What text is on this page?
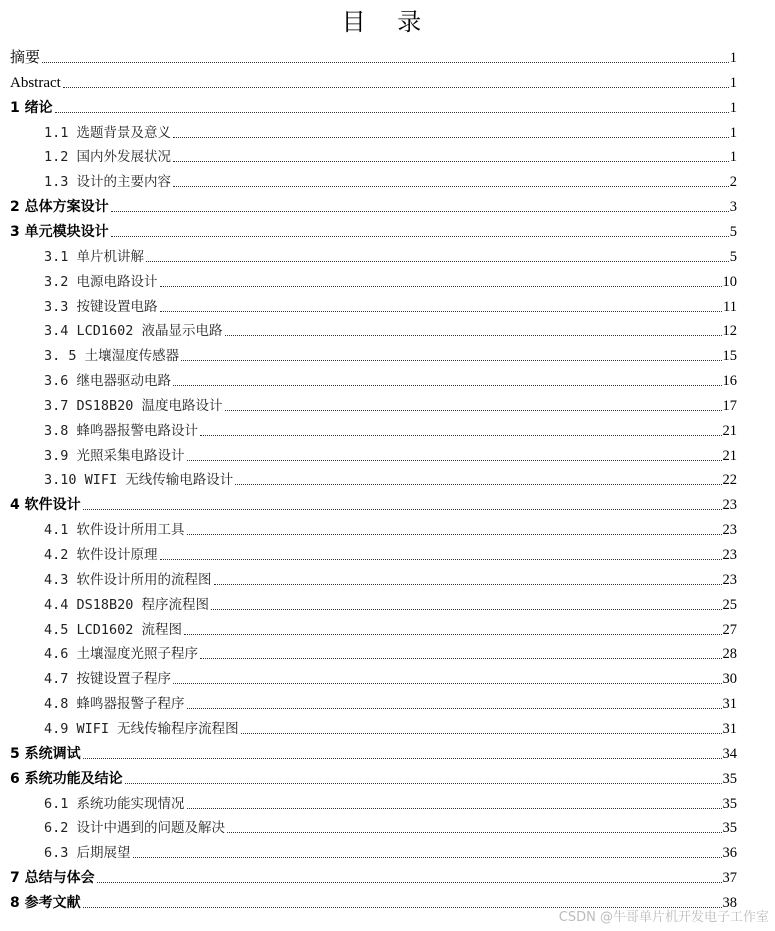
目 录
摘要	1
Abstract	1
1 绪论	1
1.1 选题背景及意义	1
1.2 国内外发展状况	1
1.3 设计的主要内容	2
2 总体方案设计	3
3 单元模块设计	5
3.1 单片机讲解	5
3.2 电源电路设计	10
3.3 按键设置电路	11
3.4 LCD1602 液晶显示电路	12
3. 5 土壤湿度传感器	15
3.6 继电器驱动电路	16
3.7 DS18B20 温度电路设计	17
3.8 蜂鸣器报警电路设计	21
3.9 光照采集电路设计	21
3.10 WIFI 无线传输电路设计	22
4 软件设计	23
4.1 软件设计所用工具	23
4.2 软件设计原理	23
4.3 软件设计所用的流程图	23
4.4 DS18B20 程序流程图	25
4.5 LCD1602 流程图	27
4.6 土壤湿度光照子程序	28
4.7 按键设置子程序	30
4.8 蜂鸣器报警子程序	31
4.9 WIFI 无线传输程序流程图	31
5 系统调试	34
6 系统功能及结论	35
6.1 系统功能实现情况	35
6.2 设计中遇到的问题及解决	35
6.3 后期展望	36
7 总结与体会	37
8 参考文献	38
CSDN @牛哥单片机开发电子工作室
